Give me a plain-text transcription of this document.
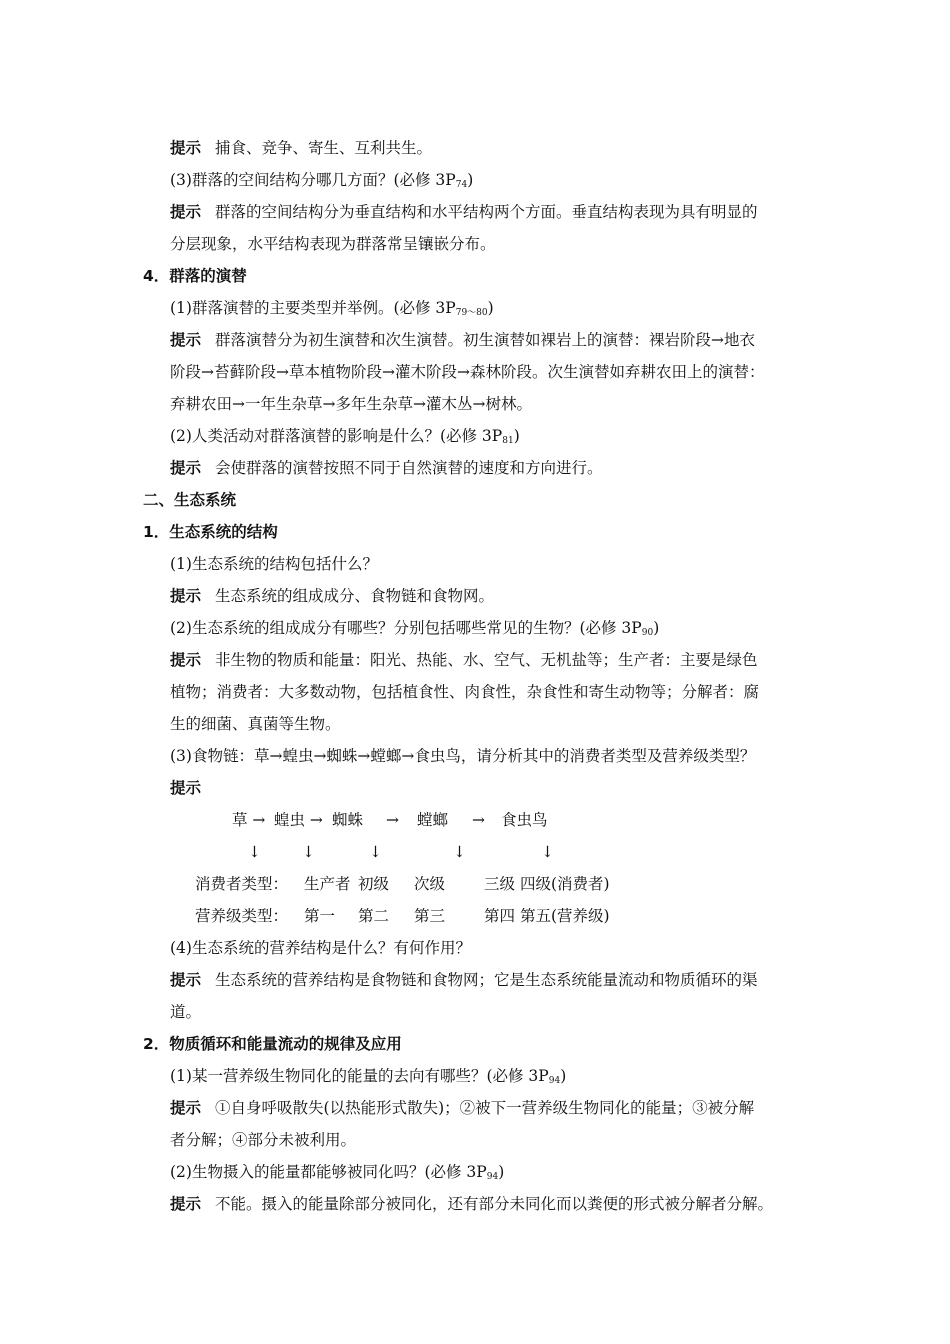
提示 捕食、竞争、寄生、互利共生。
(3)群落的空间结构分哪几方面？(必修 $3P_{74}$)
提示 群落的空间结构分为垂直结构和水平结构两个方面。垂直结构表现为具有明显的
分层现象，水平结构表现为群落常呈镶嵌分布。
4．群落的演替
(1)群落演替的主要类型并举例。(必修 $3P_{79\sim 80}$)
提示 群落演替分为初生演替和次生演替。初生演替如裸岩上的演替：裸岩阶段→地衣
阶段→苔藓阶段→草本植物阶段→灌木阶段→森林阶段。次生演替如弃耕农田上的演替：
弃耕农田→一年生杂草→多年生杂草→灌木丛→树林。
(2)人类活动对群落演替的影响是什么？(必修 $3P_{81}$)
提示 会使群落的演替按照不同于自然演替的速度和方向进行。
二、生态系统
1．生态系统的结构
(1)生态系统的结构包括什么？
提示 生态系统的组成成分、食物链和食物网。
(2)生态系统的组成成分有哪些？分别包括哪些常见的生物？(必修 $3P_{90}$)
提示 非生物的物质和能量：阳光、热能、水、空气、无机盐等；生产者：主要是绿色
植物；消费者：大多数动物，包括植食性、肉食性，杂食性和寄生动物等；分解者：腐
生的细菌、真菌等生物。
(3)食物链：草→蝗虫→蜘蛛→螳螂→食虫鸟，请分析其中的消费者类型及营养级类型？
提示
草 → 蝗虫 → 蜘蛛 → 螳螂 → 食虫鸟
↓	↓	↓	↓	↓
消费者类型： 生产者 初级 次级	三级 四级(消费者)
营养级类型： 第一 第二 第三	第四 第五(营养级)
(4)生态系统的营养结构是什么？有何作用？
提示 生态系统的营养结构是食物链和食物网；它是生态系统能量流动和物质循环的渠
道。
2．物质循环和能量流动的规律及应用
(1)某一营养级生物同化的能量的去向有哪些？(必修 $3P_{94}$)
提示 ①自身呼吸散失(以热能形式散失)；②被下一营养级生物同化的能量；③被分解
者分解；④部分未被利用。
(2)生物摄入的能量都能够被同化吗？(必修 $3P_{94}$)
提示 不能。摄入的能量除部分被同化，还有部分未同化而以粪便的形式被分解者分解。
